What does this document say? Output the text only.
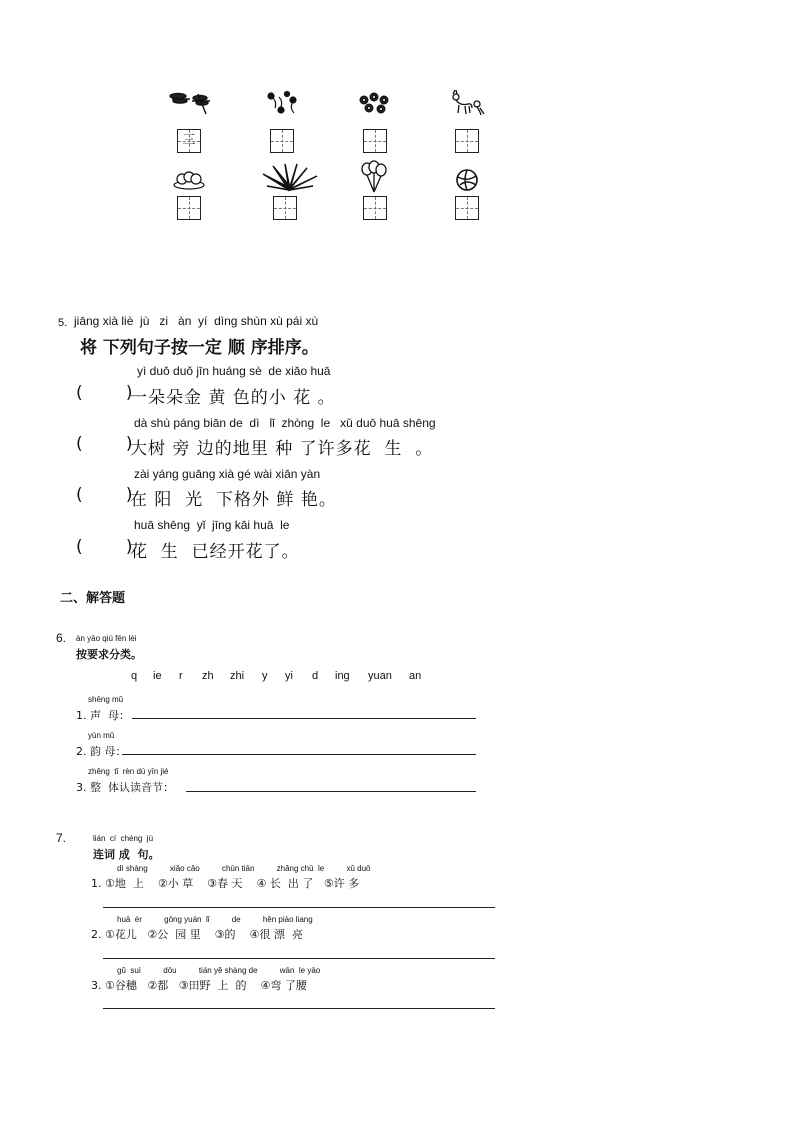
三
5. jiāng xià liè  jù   zi   àn  yí  dìng shùn xù pái xù
将 下列句子按一定 顺 序排序。
yì duǒ duǒ jīn huáng sè  de xiǎo huā
(        )
一朵朵金 黄 色的小 花 。
dà shù páng biān de  dì   lǐ  zhòng  le   xǔ duō huā shēng
(        )
大树 旁 边的地里 种 了许多花  生  。
zài yáng guāng xià gé wài xiān yàn
(        )
在 阳  光  下格外 鲜 艳。
huā shēng  yǐ  jīng kāi huā  le
(        )
花  生  已经开花了。
二、解答题
6. àn yāo qiú fēn lèi
按要求分类。
q ie r zh zhi y yi d ing yuan an
shēng mǔ
1. 声  母：
yùn mǔ
2. 韵 母：
zhěng  tǐ  rèn dú yīn jié
3. 整  体认读音节：
7.	lián  cí  chéng  jù
连词 成  句。
dì shàng          xiǎo cǎo          chūn tiān          zhǎng chū  le          xǔ duō
1. ①地  上    ②小 草    ③春 天    ④ 长  出 了   ⑤许 多
huā  ér          gōng yuán  lǐ          de          hěn piào liang
2. ①花儿   ②公  园 里    ③的    ④很 漂  亮
gǔ  suì          dōu          tián yě shàng de          wān  le yāo
3. ①谷穗   ②都   ③田野  上  的    ④弯 了腰
